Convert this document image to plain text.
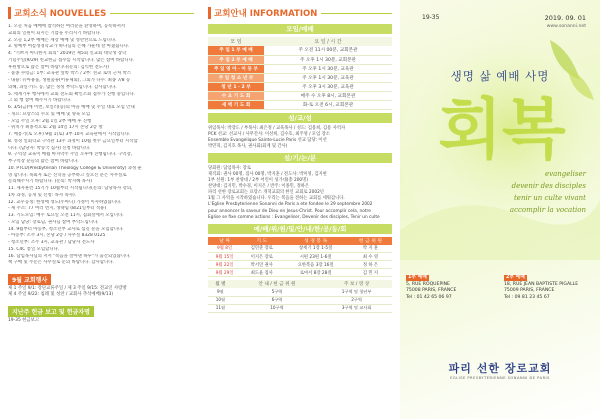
교회소식 NOUVELLES
1. 오늘 처음 예배에 참석하신 여러분을 환영하며, 등록하셔서
교회의 일원이 되시는 기쁨을 누리시기 바랍니다.
2. 오늘 1,2부 예배는 계강 예배 및 성만찬으로 드립니다.
3. 명예부 여름성경학교가 하나님의 은혜 가운데 잘 마쳤습니다.
4. "기쁘지 아니한지 회의" 2019년 제5회 신교회 대학생 장학
기념주일(9/29) 친교헌금 접수를 시작합니다. 많은 참여 바랍니다.
후원방으로 많은 참여 바랍니다(문의: 김익현 전도사)
- 불종 수령금: 1부: 교육관 앞쪽 박스 / 2부: 친교 로비 근처 박스
- 내용: 유아용품, 생필품류(어류제외), 그외가 다수. 최종 7/8 등
의해, 과일·카드 등, 많은 정성 부탁드립니다. 감사합니다.
5. 세계기후 행사에서 교회 전도회 확인조회 접수가 진행 중입니다.
그 외 행 참여 해주시기 바랍니다.
6. 3/5(금)에 이번, 보일러(등)의 마을 예배 및 주일 대표 모임 안내
- 개요: 프랑스의 수요 및 예배 및 양육 모임
- 모임 주일 오후: 2월 1일 2부 예배 후 진행
- 위치가 최종적으로: 2월 14일 17시 본당 2층 방
7. 예봉기(토 오후) 9월 1(토) 3부 10시 교육관에서 시작합니다.
8. 성경 일회학교 구역관 13주 과정이 10월 첫주 금요일부터 시작합
니다. (담당자: 박승국 집사) 신청 바랍니다.
9. 구역장 교육이 매월 마지막주 주일 오후에 진행됩니다. 구역장,
부구역장 분들의 많은 참여 바랍니다.
10. PTCU(Presbyterian Theology College & University) 과정 운
영 합니다. 목회자 또는 신학을 공부하고 싶으신 분은 사무실로
문의해주시기 바랍니다. (문의: 박지혜 목사)
11. 제자훈련 15기가 10월부터 시작됩니다(문의: 담당목사 강의,
1차 과정, 공개 및 신청: 목사 목사).
12. 교우동정: 한성애 성도(두아니) 가정이 이사하였습니다.
- 새 주소: 77 여러 번지, 생략됨 (8/21일부터 적용)
13. 기도모임: 매주 토요일 오전 11시, 집회실에서 모입니다.
- 모임 담당: 장로님, 권사님 참여 부탁드립니다.
14. 9월부터 아동부, 청소년부 교사로 섬길 분을 모집합니다.
- 아동부: 조주 3시, 본당 2층 / 사무실 8328 0125
- 청소년부: 조주 3시, 교육관 / 담당자 전도사
15. C4C 통일 모임합니다.
16. 담임목사님의 저서 "복음을 살아낸 하루"가 출간되었습니다.
책 구매 및 주문은 사무실로 문의 바랍니다. 감사합니다.
9월 교회행사
제 1 주일 9/1: 강단교류주일 / 제 3 주일 9/15: 전교인 사랑방
제 4 주일 9/22: 침례 및 성찬 / 교회사 추석예배(9/13)
지난주 헌금 보고 및 헌금자명
19-35 헌금보고
교회안내 INFORMATION
모임/예배
모 임	요 일 / 시 간
주 일 1 부 예 배	주 오전 11시 00분, 교회본관
주 일 2 부 예 배	주 오후 1시 30분, 교회본관
주 일 영 아 · 아 동 부	주 오후 1시 30분, 교육관
주 일 청 소 년 부	주 오후 1시 30분, 교육관
청 년 1 · 2 부	주 오후 3시 30분, 교육관
수 요 기 도 회	매주 수 오후 8시, 교회본관
새 벽 기 도 회	화-토 오전 6시, 교회본관
섬/교/섬
위임목사: 박장도 / 부목사: 최은정 / 교육목사 / 성도: 김용희, 김용 사역자
PCK 선교: 선교사 / 사무간사: 이선희, 김수호, 최주영 / 모임 장소
Ensemble Evangelique Sainte-Lucie Paris 선교 담당: 이선
박민혁, 김지호 목사, 권사회(회계 및 간사)
섬/기/는/분
당회원: 담임목사: 장로
제직회: 권사 00명, 집사 00명, 박지훈 / 전도사: 박미영, 김지현
1부 선원: 1부 찬양대 / 2부 어린이 성가대(총 200명)
찬양대: 김지민, 박수경, 이지은 / 반주: 이종민, 정하은
파리 선한 장로교회는 프랑스 개혁교회의 한인 교회로 2002년
1월 그 사역을 시작하였습니다. 우리는 복음을 전하는 교회를 세워갑니다.
L'Eglise Presbyterienne Sonanni de Paris a ete fondee le 29 septembre 2002
pour annoncer la saveur de Dieu en Jesus-Christ. Pour accomplir cela, notre
Eglise se fixe comme actions : Evangeliser, Devenir des disciples, Tenir un culte
예/배/위/원/및/안/내/한/공/동/회
날 짜	기 도	성 경 봉 독	헌 금 위 원
9월 8일	김민준 장로	창세기 1장 1-5절	박 지 훈
9월 15일	이지은 장로	시편 23편 1-6절	최 수 영
9월 22일	박서연 권사	요한복음 3장 16절	정 하 은
9월 29일	최도윤 집사	로마서 8장 28절	김 민 지
월 별	안 내 / 헌 금 위 원	주 보 / 영 상
9월	5구역	1구역 및 청년부
10월	6구역	2구역
11월	10구역	3구역 및 교사회
19-35	2019. 09. 01
www.sonanni.net
생명 삶 예배 사명
회복
evangeliser
devenir des disciples
tenir un culte vivant
accomplir la vocation
1부 예배
5, RUE ROQUEPINE
75008 PARIS, FRANCE
Tel : 01 42 65 06 97
2부 예배
18, RUE JEAN BAPTISTE PIGALLE
75009 PARIS, FRANCE
Tel : 09 81 23 45 67
파리 선한 장로교회
EGLISE PRESBYTERIENNE SONANNI DE PARIS
